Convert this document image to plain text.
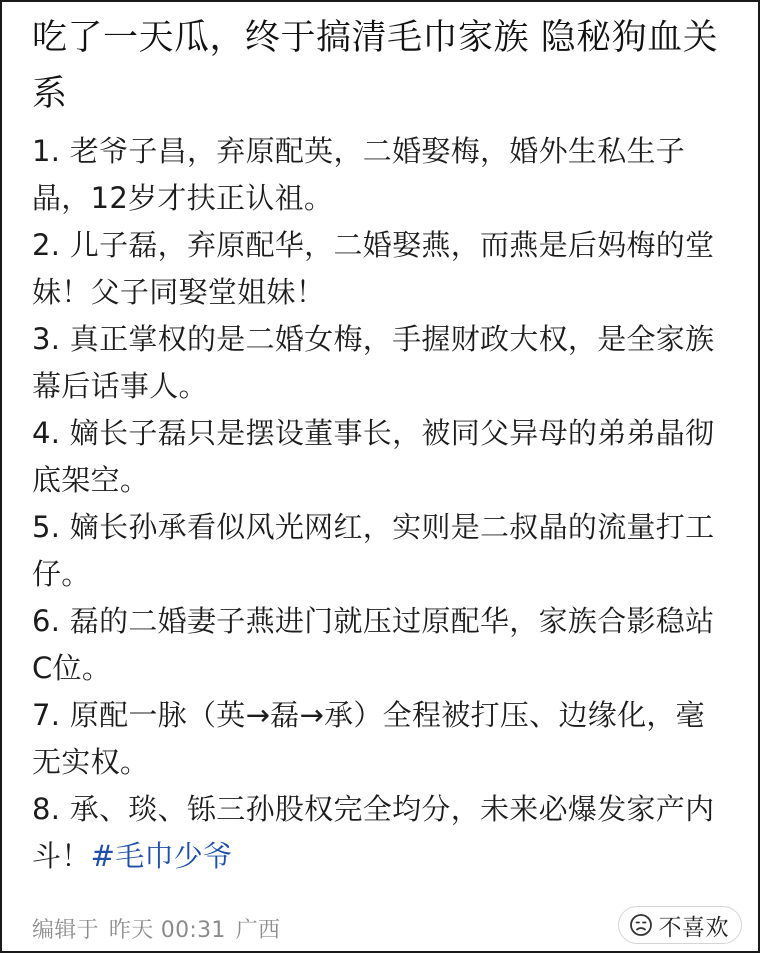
吃了一天瓜，终于搞清毛巾家族 隐秘狗血关系

1. 老爷子昌，弃原配英，二婚娶梅，婚外生私生子晶，12岁才扶正认祖。

2. 儿子磊，弃原配华，二婚娶燕，而燕是后妈梅的堂妹！父子同娶堂姐妹！

3. 真正掌权的是二婚女梅，手握财政大权，是全家族幕后话事人。

4. 嫡长子磊只是摆设董事长，被同父异母的弟弟晶彻底架空。

5. 嫡长孙承看似风光网红，实则是二叔晶的流量打工仔。

6. 磊的二婚妻子燕进门就压过原配华，家族合影稳站C位。

7. 原配一脉（英→磊→承）全程被打压、边缘化，毫无实权。

8. 承、琰、铄三孙股权完全均分，未来必爆发家产内斗！#毛巾少爷

编辑于 昨天 00:31 广西	不喜欢
